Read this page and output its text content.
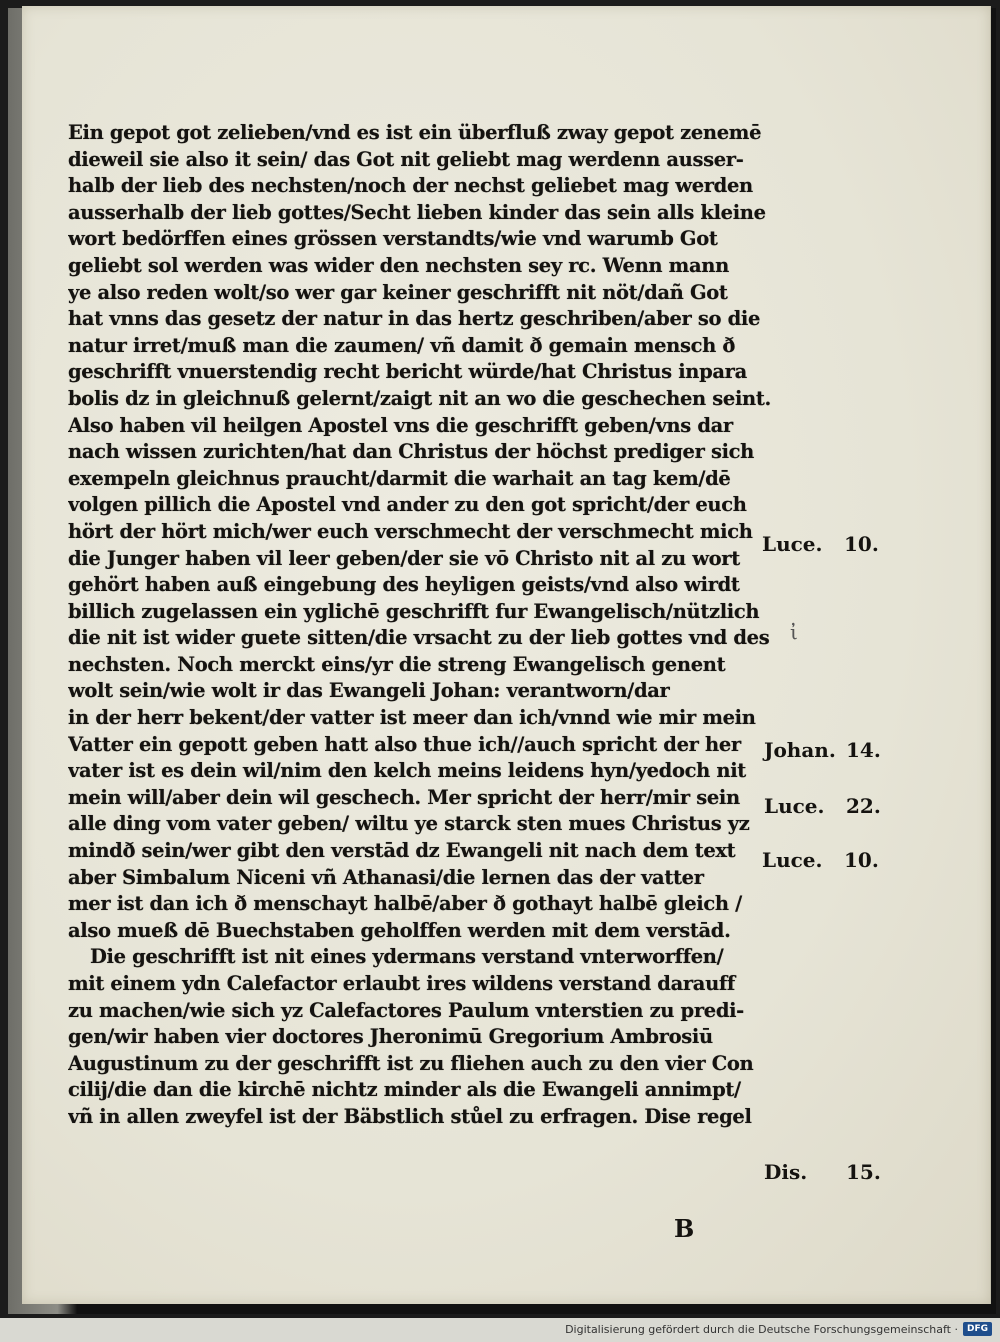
Ein gepot got zelieben/vnd es ist ein überfluß zway gepot zenemē
dieweil sie also it sein/ das Got nit geliebt mag werdenn ausser-
halb der lieb des nechsten/noch der nechst geliebet mag werden
ausserhalb der lieb gottes/Secht lieben kinder das sein alls kleine
wort bedörffen eines grössen verstandts/wie vnd warumb Got
geliebt sol werden was wider den nechsten sey rc. Wenn mann
ye also reden wolt/so wer gar keiner geschrifft nit nöt/dañ Got
hat vnns das gesetz der natur in das hertz geschriben/aber so die
natur irret/muß man die zaumen/ vñ damit ð gemain mensch ð
geschrifft vnuerstendig recht bericht würde/hat Christus inpara
bolis dz in gleichnuß gelernt/zaigt nit an wo die geschechen seint.
Also haben vil heilgen Apostel vns die geschrifft geben/vns dar
nach wissen zurichten/hat dan Christus der höchst prediger sich
exempeln gleichnus praucht/darmit die warhait an tag kem/dē
volgen pillich die Apostel vnd ander zu den got spricht/der euch
hört der hört mich/wer euch verschmecht der verschmecht mich
die Junger haben vil leer geben/der sie vō Christo nit al zu wort
gehört haben auß eingebung des heyligen geists/vnd also wirdt
billich zugelassen ein yglichē geschrifft fur Ewangelisch/nützlich
die nit ist wider guete sitten/die vrsacht zu der lieb gottes vnd des
nechsten. Noch merckt eins/yr die streng Ewangelisch genent
wolt sein/wie wolt ir das Ewangeli Johan: verantworn/dar
in der herr bekent/der vatter ist meer dan ich/vnnd wie mir mein
Vatter ein gepott geben hatt also thue ich//auch spricht der her
vater ist es dein wil/nim den kelch meins leidens hyn/yedoch nit
mein will/aber dein wil geschech. Mer spricht der herr/mir sein
alle ding vom vater geben/ wiltu ye starck sten mues Christus yz
mindð sein/wer gibt den verstād dz Ewangeli nit nach dem text
aber Simbalum Niceni vñ Athanasi/die lernen das der vatter
mer ist dan ich ð menschayt halbē/aber ð gothayt halbē gleich /
also mueß dē Buechstaben geholffen werden mit dem verstād.
Die geschrifft ist nit eines ydermans verstand vnterworffen/
mit einem ydn Calefactor erlaubt ires wildens verstand darauff
zu machen/wie sich yz Calefactores Paulum vnterstien zu predi-
gen/wir haben vier doctores Jheronimū Gregorium Ambrosiū
Augustinum zu der geschrifft ist zu fliehen auch zu den vier Con
cilij/die dan die kirchē nichtz minder als die Ewangeli annimpt/
vñ in allen zweyfel ist der Bäbstlich stůel zu erfragen. Dise regel
Luce. 10.
ἰ
Johan. 14.
Luce. 22.
Luce. 10.
Dis. 15.
B
Digitalisierung gefördert durch die Deutsche Forschungsgemeinschaft ·	DFG
